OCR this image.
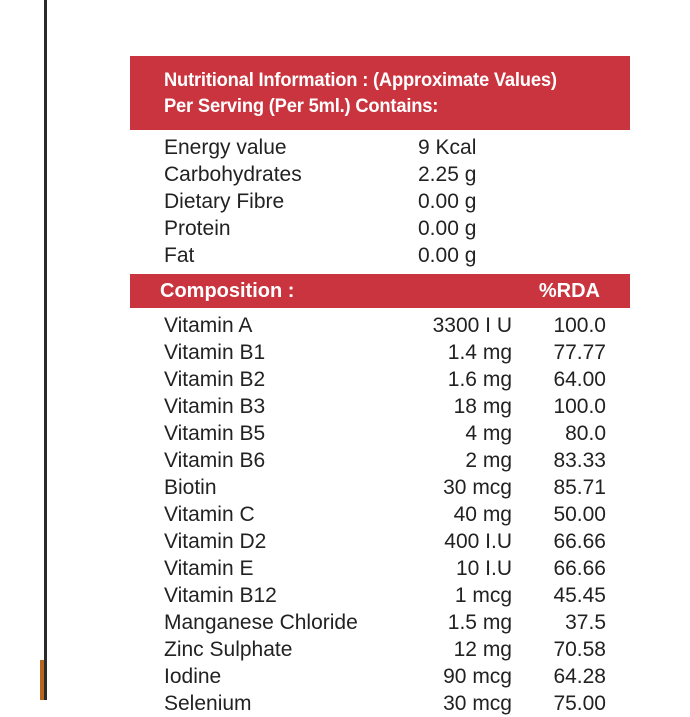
Nutritional Information : (Approximate Values)
Per Serving (Per 5ml.) Contains:
Energy value	9 Kcal
Carbohydrates	2.25 g
Dietary Fibre	0.00 g
Protein	0.00 g
Fat	0.00 g
Composition :	%RDA
Vitamin A	3300 I U 100.0
Vitamin B1	1.4 mg 77.77
Vitamin B2	1.6 mg 64.00
Vitamin B3	18 mg 100.0
Vitamin B5	4 mg	80.0
Vitamin B6	2 mg 83.33
Biotin	30 mcg 85.71
Vitamin C	40 mg 50.00
Vitamin D2	400 I.U 66.66
Vitamin E	10 I.U 66.66
Vitamin B12	1 mcg 45.45
Manganese Chloride	1.5 mg	37.5
Zinc Sulphate	12 mg 70.58
Iodine	90 mcg 64.28
Selenium	30 mcg 75.00
